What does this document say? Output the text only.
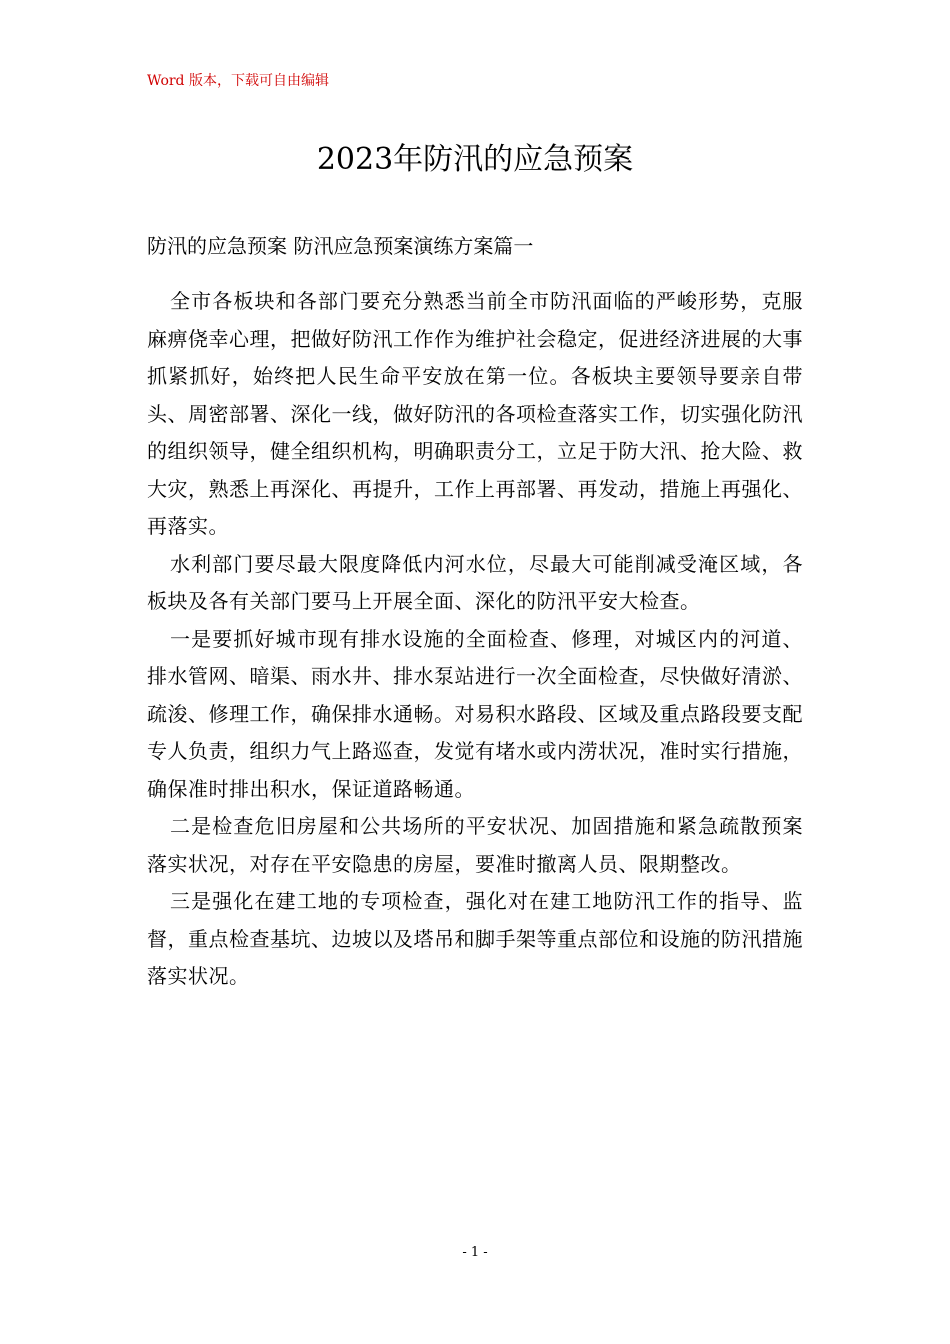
Word 版本，下载可自由编辑
2023年防汛的应急预案
防汛的应急预案 防汛应急预案演练方案篇一

全市各板块和各部门要充分熟悉当前全市防汛面临的严峻形势，克服麻痹侥幸心理，把做好防汛工作作为维护社会稳定，促进经济进展的大事抓紧抓好，始终把人民生命平安放在第一位。各板块主要领导要亲自带头、周密部署、深化一线，做好防汛的各项检查落实工作，切实强化防汛的组织领导，健全组织机构，明确职责分工，立足于防大汛、抢大险、救大灾，熟悉上再深化、再提升，工作上再部署、再发动，措施上再强化、再落实。

水利部门要尽最大限度降低内河水位，尽最大可能削减受淹区域，各板块及各有关部门要马上开展全面、深化的防汛平安大检查。

一是要抓好城市现有排水设施的全面检查、修理，对城区内的河道、排水管网、暗渠、雨水井、排水泵站进行一次全面检查，尽快做好清淤、疏浚、修理工作，确保排水通畅。对易积水路段、区域及重点路段要支配专人负责，组织力气上路巡查，发觉有堵水或内涝状况，准时实行措施，确保准时排出积水，保证道路畅通。

二是检查危旧房屋和公共场所的平安状况、加固措施和紧急疏散预案落实状况，对存在平安隐患的房屋，要准时撤离人员、限期整改。

三是强化在建工地的专项检查，强化对在建工地防汛工作的指导、监督，重点检查基坑、边坡以及塔吊和脚手架等重点部位和设施的防汛措施落实状况。

- 1 -
